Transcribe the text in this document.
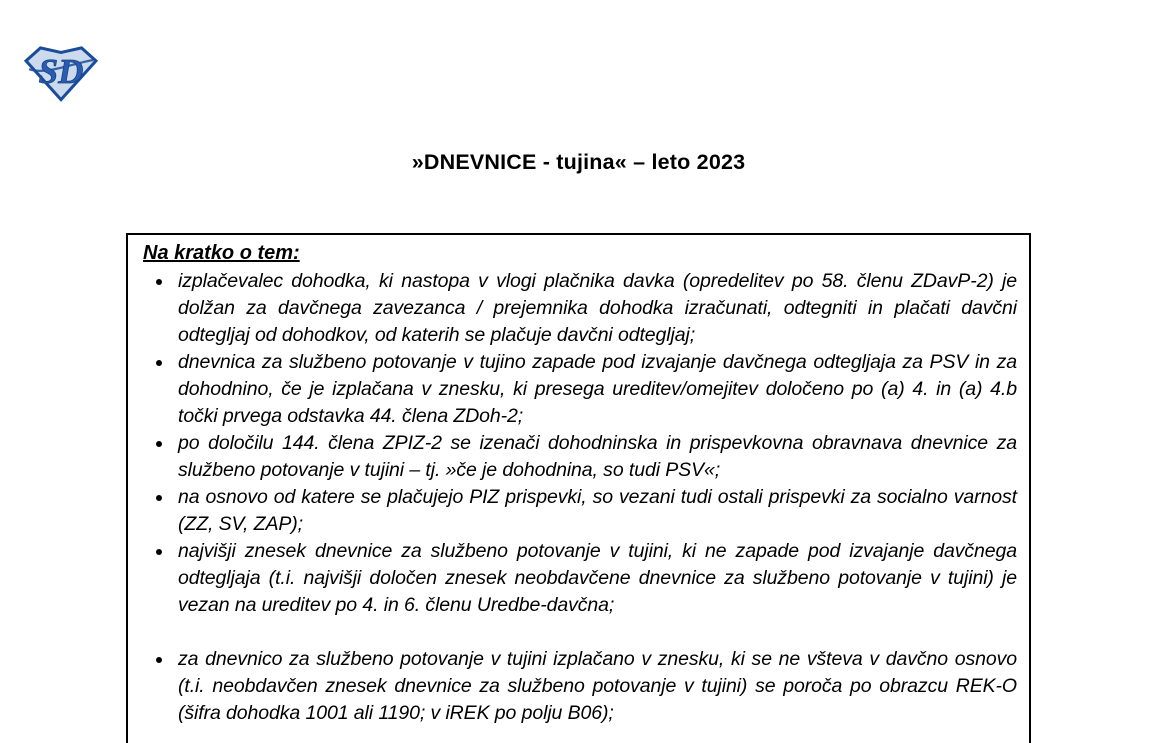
SD
»DNEVNICE - tujina« – leto 2023
Na kratko o tem:
• izplačevalec dohodka, ki nastopa v vlogi plačnika davka (opredelitev po 58. členu ZDavP-2) je dolžan za davčnega zavezanca / prejemnika dohodka izračunati, odtegniti in plačati davčni odtegljaj od dohodkov, od katerih se plačuje davčni odtegljaj;
• dnevnica za službeno potovanje v tujino zapade pod izvajanje davčnega odtegljaja za PSV in za dohodnino, če je izplačana v znesku, ki presega ureditev/omejitev določeno po (a) 4. in (a) 4.b točki prvega odstavka 44. člena ZDoh-2;
• po določilu 144. člena ZPIZ-2 se izenači dohodninska in prispevkovna obravnava dnevnice za službeno potovanje v tujini – tj. »če je dohodnina, so tudi PSV«;
• na osnovo od katere se plačujejo PIZ prispevki, so vezani tudi ostali prispevki za socialno varnost (ZZ, SV, ZAP);
• najvišji znesek dnevnice za službeno potovanje v tujini, ki ne zapade pod izvajanje davčnega odtegljaja (t.i. najvišji določen znesek neobdavčene dnevnice za službeno potovanje v tujini) je vezan na ureditev po 4. in 6. členu Uredbe-davčna;
• za dnevnico za službeno potovanje v tujini izplačano v znesku, ki se ne všteva v davčno osnovo (t.i. neobdavčen znesek dnevnice za službeno potovanje v tujini) se poroča po obrazcu REK-O (šifra dohodka 1001 ali 1190; v iREK po polju B06);
